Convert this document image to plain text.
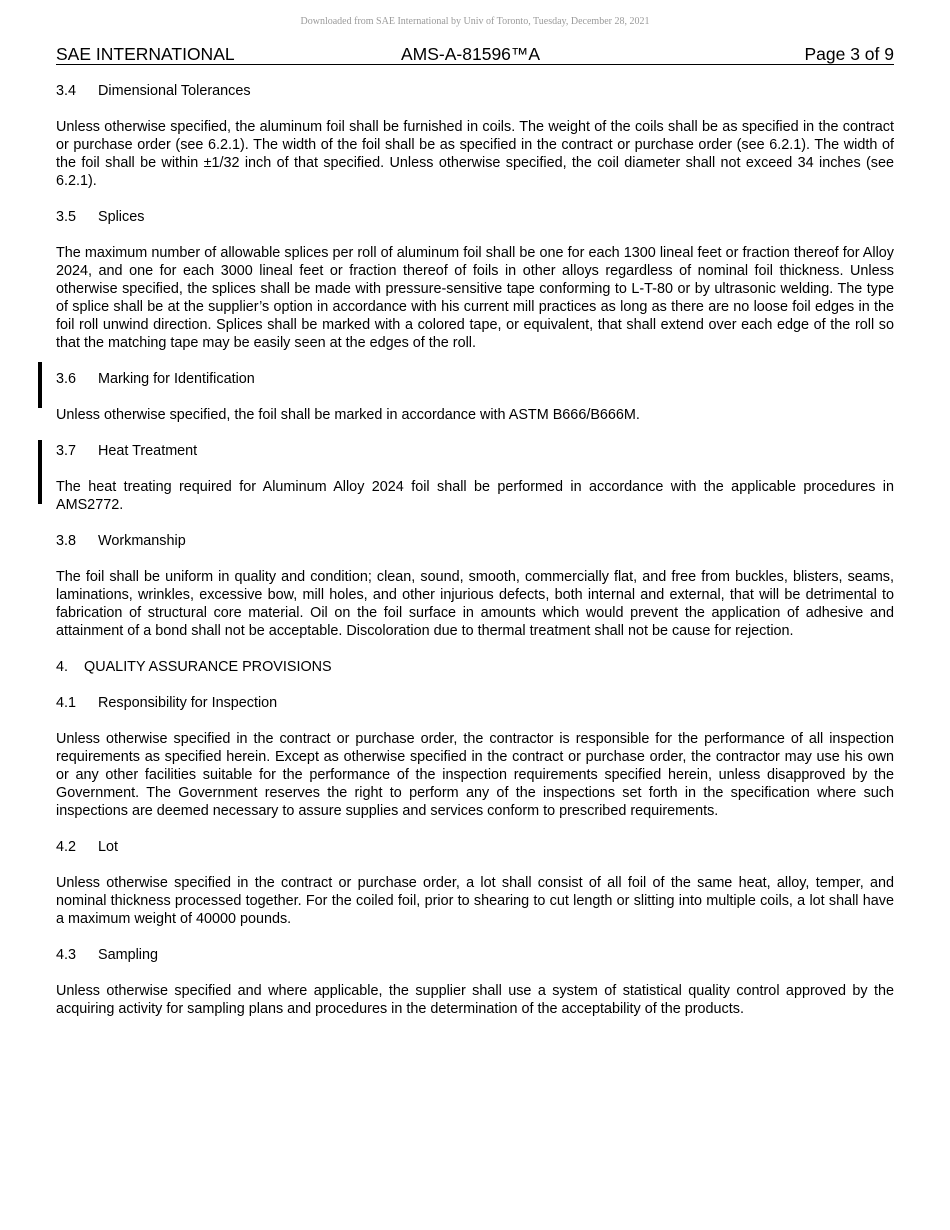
Downloaded from SAE International by Univ of Toronto, Tuesday, December 28, 2021
SAE INTERNATIONAL	AMS-A-81596™A	Page 3 of 9
3.4 Dimensional Tolerances

Unless otherwise specified, the aluminum foil shall be furnished in coils. The weight of the coils shall be as specified in the contract or purchase order (see 6.2.1). The width of the foil shall be as specified in the contract or purchase order (see 6.2.1). The width of the foil shall be within ±1/32 inch of that specified. Unless otherwise specified, the coil diameter shall not exceed 34 inches (see 6.2.1).

3.5 Splices

The maximum number of allowable splices per roll of aluminum foil shall be one for each 1300 lineal feet or fraction thereof for Alloy 2024, and one for each 3000 lineal feet or fraction thereof of foils in other alloys regardless of nominal foil thickness. Unless otherwise specified, the splices shall be made with pressure-sensitive tape conforming to L-T-80 or by ultrasonic welding. The type of splice shall be at the supplier’s option in accordance with his current mill practices as long as there are no loose foil edges in the foil roll unwind direction. Splices shall be marked with a colored tape, or equivalent, that shall extend over each edge of the roll so that the matching tape may be easily seen at the edges of the roll.

3.6 Marking for Identification

Unless otherwise specified, the foil shall be marked in accordance with ASTM B666/B666M.

3.7 Heat Treatment

The heat treating required for Aluminum Alloy 2024 foil shall be performed in accordance with the applicable procedures in AMS2772.

3.8 Workmanship

The foil shall be uniform in quality and condition; clean, sound, smooth, commercially flat, and free from buckles, blisters, seams, laminations, wrinkles, excessive bow, mill holes, and other injurious defects, both internal and external, that will be detrimental to fabrication of structural core material. Oil on the foil surface in amounts which would prevent the application of adhesive and attainment of a bond shall not be acceptable. Discoloration due to thermal treatment shall not be cause for rejection.

4. QUALITY ASSURANCE PROVISIONS
4.1 Responsibility for Inspection

Unless otherwise specified in the contract or purchase order, the contractor is responsible for the performance of all inspection requirements as specified herein. Except as otherwise specified in the contract or purchase order, the contractor may use his own or any other facilities suitable for the performance of the inspection requirements specified herein, unless disapproved by the Government. The Government reserves the right to perform any of the inspections set forth in the specification where such inspections are deemed necessary to assure supplies and services conform to prescribed requirements.

4.2 Lot

Unless otherwise specified in the contract or purchase order, a lot shall consist of all foil of the same heat, alloy, temper, and nominal thickness processed together. For the coiled foil, prior to shearing to cut length or slitting into multiple coils, a lot shall have a maximum weight of 40000 pounds.

4.3 Sampling

Unless otherwise specified and where applicable, the supplier shall use a system of statistical quality control approved by the acquiring activity for sampling plans and procedures in the determination of the acceptability of the products.
